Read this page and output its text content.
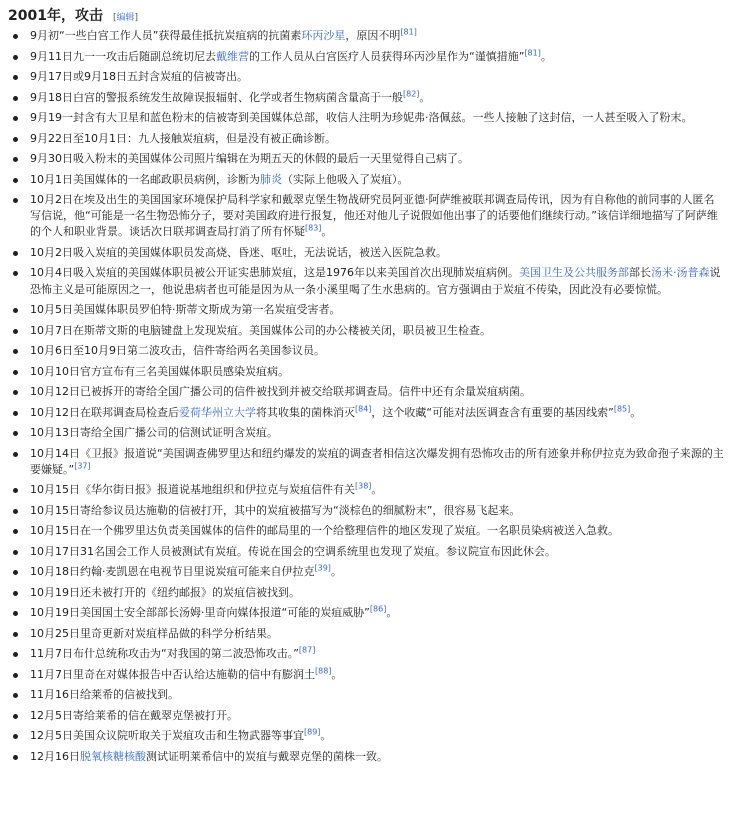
2001年，攻击 [编辑]
9月初“一些白宫工作人员”获得最佳抵抗炭疽病的抗菌素环丙沙星，原因不明[81]
9月11日九一一攻击后随副总统切尼去戴维营的工作人员从白宫医疗人员获得环丙沙星作为“谨慎措施”[81]。
9月17日或9月18日五封含炭疽的信被寄出。
9月18日白宫的警报系统发生故障误报辐射、化学或者生物病菌含量高于一般[82]。
9月19一封含有大卫星和蓝色粉末的信被寄到美国媒体总部，收信人注明为珍妮弗·洛佩兹。一些人接触了这封信，一人甚至吸入了粉末。
9月22日至10月1日：九人接触炭疽病，但是没有被正确诊断。
9月30日吸入粉末的美国媒体公司照片编辑在为期五天的休假的最后一天里觉得自己病了。
10月1日美国媒体的一名邮政职员病例，诊断为肺炎（实际上他吸入了炭疽）。
10月2日在埃及出生的美国国家环境保护局科学家和戴翠克堡生物战研究员阿亚德·阿萨维被联邦调查局传讯，因为有自称他的前同事的人匿名写信说，他“可能是一名生物恐怖分子，要对美国政府进行报复，他还对他儿子说假如他出事了的话要他们继续行动。”该信详细地描写了阿萨维的个人和职业背景。谈话次日联邦调查局打消了所有怀疑[83]。
10月2日吸入炭疽的美国媒体职员发高烧、昏迷、呕吐，无法说话，被送入医院急救。
10月4日吸入炭疽的美国媒体职员被公开证实患肺炭疽，这是1976年以来美国首次出现肺炭疽病例。美国卫生及公共服务部部长汤米·汤普森说恐怖主义是可能原因之一，他说患病者也可能是因为从一条小溪里喝了生水患病的。官方强调由于炭疽不传染，因此没有必要惊慌。
10月5日美国媒体职员罗伯特·斯蒂文斯成为第一名炭疽受害者。
10月7日在斯蒂文斯的电脑键盘上发现炭疽。美国媒体公司的办公楼被关闭，职员被卫生检查。
10月6日至10月9日第二波攻击，信件寄给两名美国参议员。
10月10日官方宣布有三名美国媒体职员感染炭疽病。
10月12日已被拆开的寄给全国广播公司的信件被找到并被交给联邦调查局。信件中还有余量炭疽病菌。
10月12日在联邦调查局检查后爱荷华州立大学将其收集的菌株消灭[84]，这个收藏“可能对法医调查含有重要的基因线索”[85]。
10月13日寄给全国广播公司的信测试证明含炭疽。
10月14日《卫报》报道说“美国调查佛罗里达和纽约爆发的炭疽的调查者相信这次爆发拥有恐怖攻击的所有迹象并称伊拉克为致命孢子来源的主要嫌疑。”[37]
10月15日《华尔街日报》报道说基地组织和伊拉克与炭疽信件有关[38]。
10月15日寄给参议员达施勒的信被打开，其中的炭疽被描写为“淡棕色的细腻粉末”，很容易飞起来。
10月15日在一个佛罗里达负责美国媒体的信件的邮局里的一个给整理信件的地区发现了炭疽。一名职员染病被送入急救。
10月17日31名国会工作人员被测试有炭疽。传说在国会的空调系统里也发现了炭疽。参议院宣布因此休会。
10月18日约翰·麦凯恩在电视节目里说炭疽可能来自伊拉克[39]。
10月19日还未被打开的《纽约邮报》的炭疽信被找到。
10月19日美国国土安全部部长汤姆·里奇向媒体报道“可能的炭疽威胁”[86]。
10月25日里奇更新对炭疽样品做的科学分析结果。
11月7日布什总统称攻击为“对我国的第二波恐怖攻击。”[87]
11月7日里奇在对媒体报告中否认给达施勒的信中有膨润土[88]。
11月16日给莱希的信被找到。
12月5日寄给莱希的信在戴翠克堡被打开。
12月5日美国众议院听取关于炭疽攻击和生物武器等事宜[89]。
12月16日脱氧核糖核酸测试证明莱希信中的炭疽与戴翠克堡的菌株一致。
